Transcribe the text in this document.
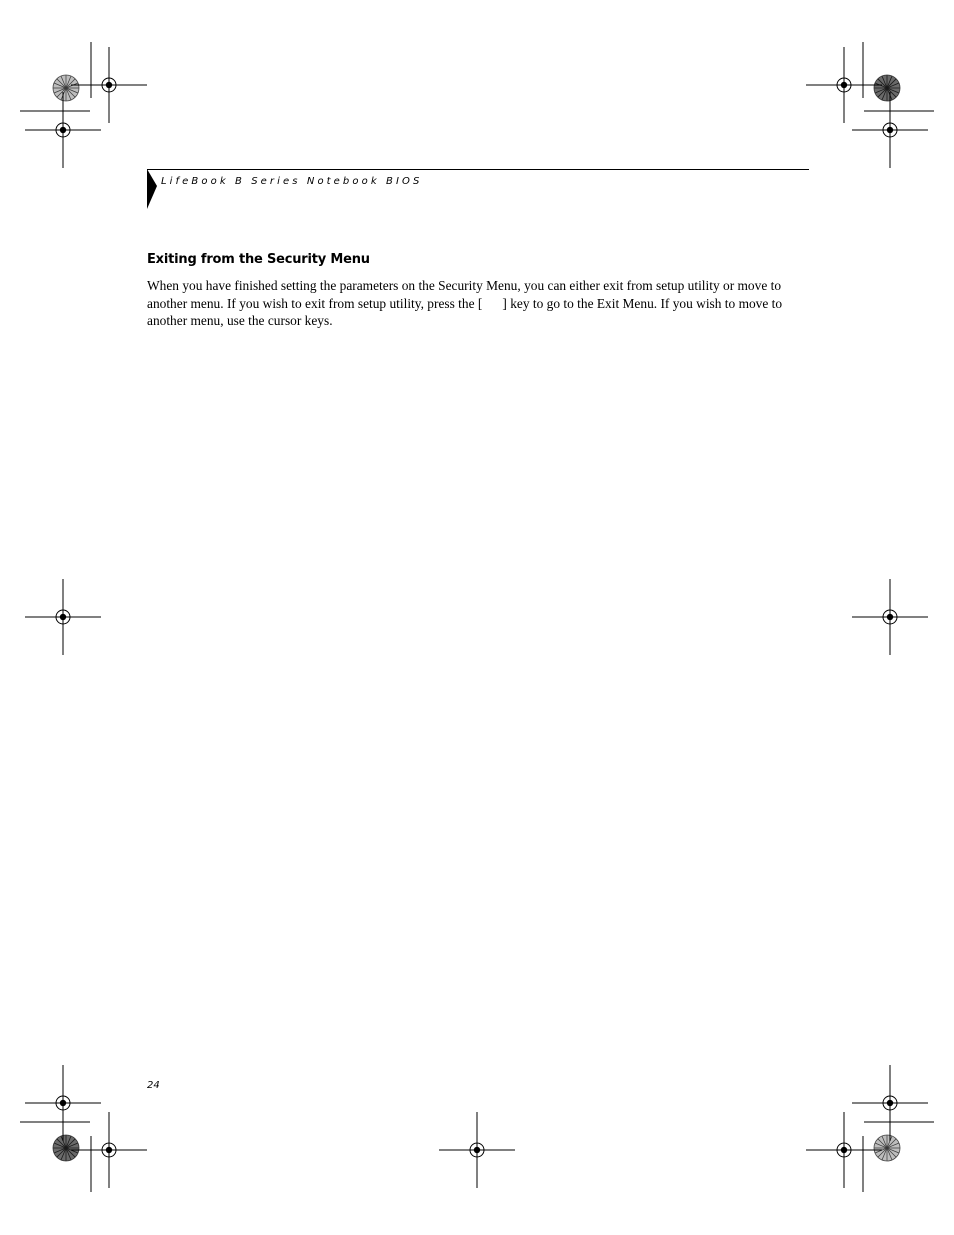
LifeBook B Series Notebook BIOS
Exiting from the Security Menu
When you have finished setting the parameters on the Security Menu, you can either exit from setup utility or move to
another menu. If you wish to exit from setup utility, press the [      ] key to go to the Exit Menu. If you wish to move to
another menu, use the cursor keys.
24
